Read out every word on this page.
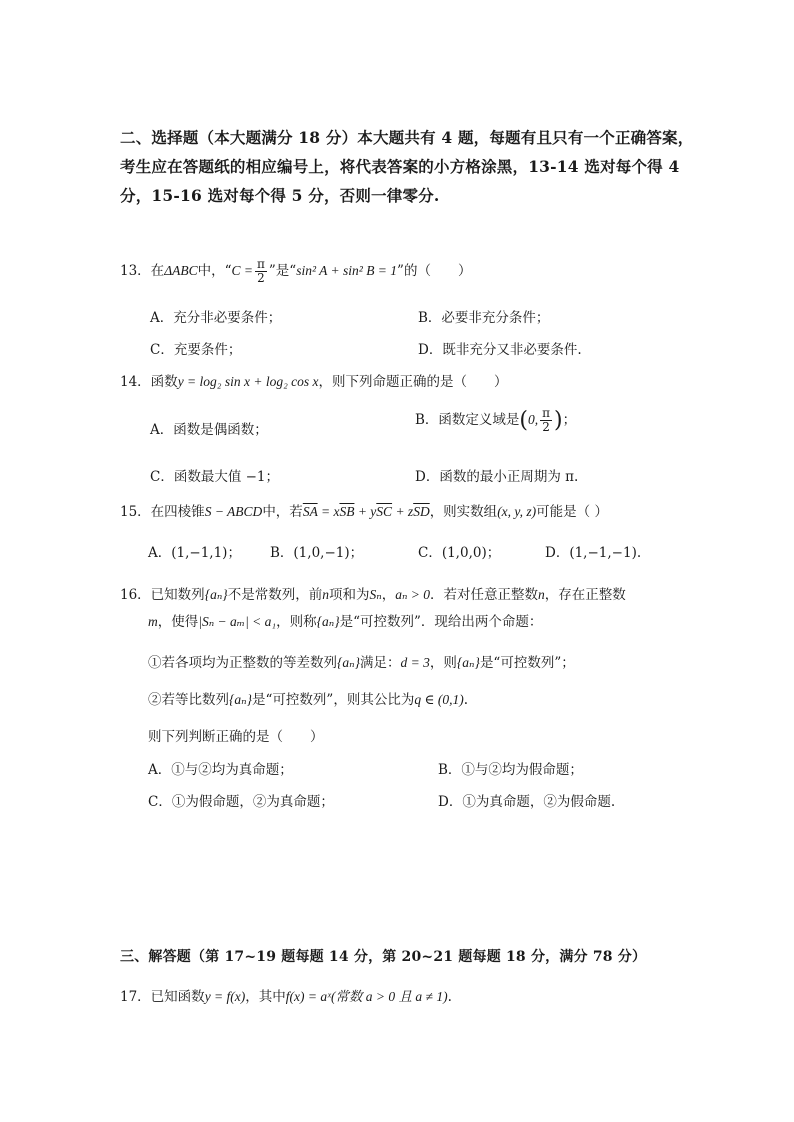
二、选择题（本大题满分 18 分）本大题共有 4 题，每题有且只有一个正确答案，
考生应在答题纸的相应编号上，将代表答案的小方格涂黑，13-14 选对每个得 4
分，15-16 选对每个得 5 分，否则一律零分.
13．在ΔABC中，“$C = \frac{\pi}{2}$ ”是“sin² A + sin² B = 1”的（　　）
A．充分非必要条件；	B．必要非充分条件；
C．充要条件；	D．既非充分又非必要条件.
14．函数y = log₂ sin x + log₂ cos x，则下列命题正确的是（　　）
A．函数是偶函数；
B．函数定义域是(0, $\frac{\pi}{2}$ )；
C．函数最大值 −1；	D．函数的最小正周期为 π.
15．在四棱锥S − ABCD中，若$\overline{SA} = x\overline{SB} + y\overline{SC} + z\overline{SD}$，则实数组(x, y, z)可能是（ ）
A．(1,−1,1)； B．(1,0,−1)；	C．(1,0,0)；	D．(1,−1,−1).
16．已知数列{aₙ}不是常数列，前n项和为Sₙ，aₙ > 0．若对任意正整数n，存在正整数
m，使得|Sₙ − aₘ| < a₁，则称{aₙ}是“可控数列”．现给出两个命题：
①若各项均为正整数的等差数列{aₙ}满足：d = 3，则{aₙ}是“可控数列”；
②若等比数列{aₙ}是“可控数列”，则其公比为q ∈ (0,1).
则下列判断正确的是（　　）
A．①与②均为真命题；	B．①与②均为假命题；
C．①为假命题，②为真命题；	D．①为真命题，②为假命题.
三、解答题（第 17~19 题每题 14 分，第 20~21 题每题 18 分，满分 78 分）
17．已知函数y = f(x)，其中f(x) = aˣ(常数 a > 0 且 a ≠ 1).
